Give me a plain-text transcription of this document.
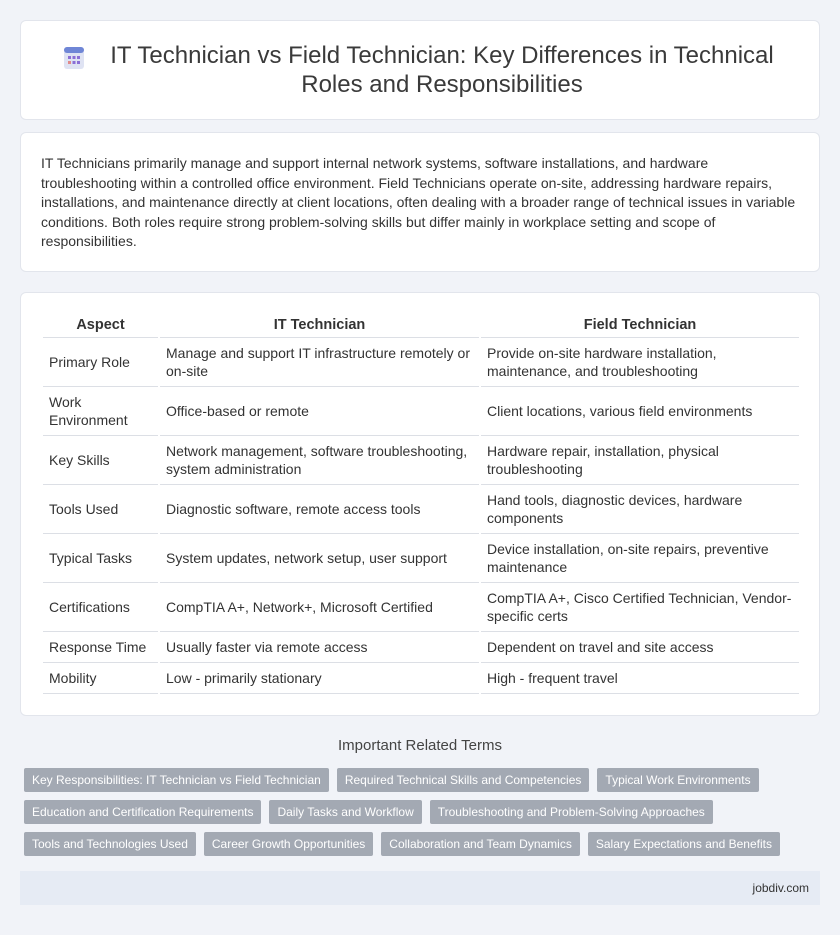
IT Technician vs Field Technician: Key Differences in Technical Roles and Responsibilities

IT Technicians primarily manage and support internal network systems, software installations, and hardware troubleshooting within a controlled office environment. Field Technicians operate on-site, addressing hardware repairs, installations, and maintenance directly at client locations, often dealing with a broader range of technical issues in variable conditions. Both roles require strong problem-solving skills but differ mainly in workplace setting and scope of responsibilities.

Aspect	IT Technician	Field Technician
Primary Role	Manage and support IT infrastructure remotely or on-site	Provide on-site hardware installation, maintenance, and troubleshooting
Work Environment	Office-based or remote	Client locations, various field environments
Key Skills	Network management, software troubleshooting, system administration	Hardware repair, installation, physical troubleshooting
Tools Used	Diagnostic software, remote access tools	Hand tools, diagnostic devices, hardware components
Typical Tasks	System updates, network setup, user support	Device installation, on-site repairs, preventive maintenance
Certifications	CompTIA A+, Network+, Microsoft Certified	CompTIA A+, Cisco Certified Technician, Vendor-specific certs
Response Time	Usually faster via remote access	Dependent on travel and site access
Mobility	Low - primarily stationary	High - frequent travel
Important Related Terms
Key Responsibilities: IT Technician vs Field Technician	Required Technical Skills and Competencies	Typical Work Environments
Education and Certification Requirements	Daily Tasks and Workflow	Troubleshooting and Problem-Solving Approaches
Tools and Technologies Used	Career Growth Opportunities	Collaboration and Team Dynamics	Salary Expectations and Benefits
jobdiv.com
